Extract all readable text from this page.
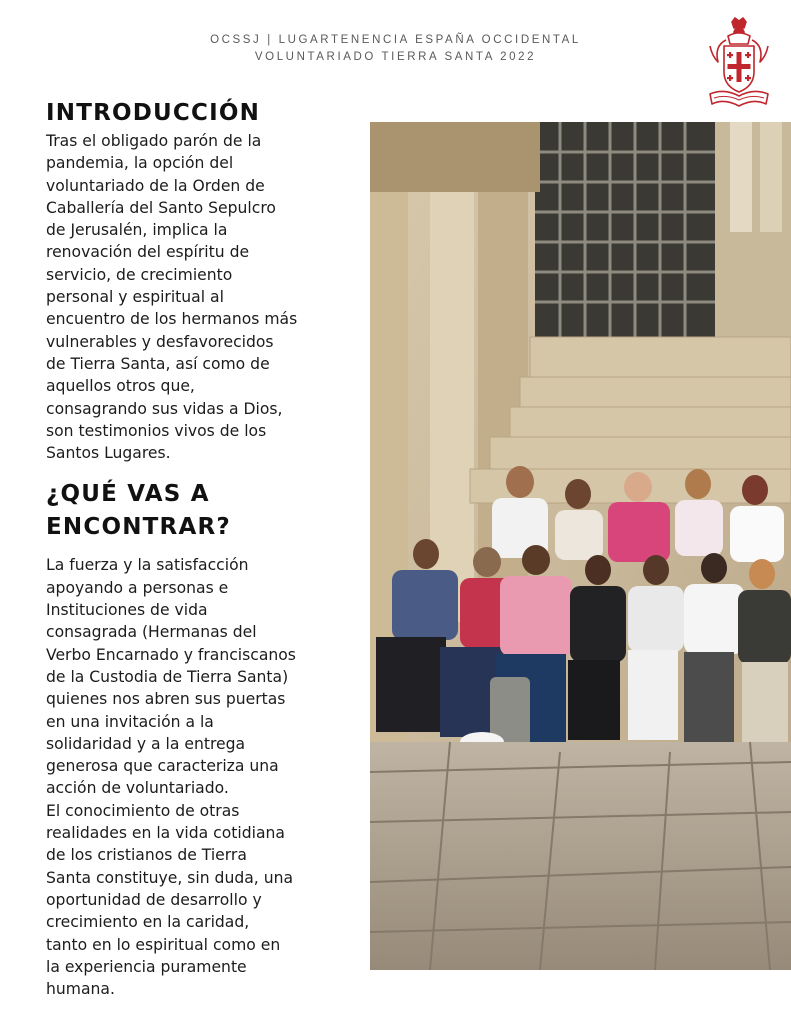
OCSSJ | LUGARTENENCIA ESPAÑA OCCIDENTAL
VOLUNTARIADO TIERRA SANTA 2022
INTRODUCCIÓN

Tras el obligado parón de la
pandemia, la opción del
voluntariado de la Orden de
Caballería del Santo Sepulcro
de Jerusalén, implica la
renovación del espíritu de
servicio, de crecimiento
personal y espiritual al
encuentro de los hermanos más
vulnerables y desfavorecidos
de Tierra Santa, así como de
aquellos otros que,
consagrando sus vidas a Dios,
son testimonios vivos de los
Santos Lugares.

¿QUÉ VAS A
ENCONTRAR?

La fuerza y la satisfacción
apoyando a personas e
Instituciones de vida
consagrada (Hermanas del
Verbo Encarnado y franciscanos
de la Custodia de Tierra Santa)
quienes nos abren sus puertas
en una invitación a la
solidaridad y a la entrega
generosa que caracteriza una
acción de voluntariado.
El conocimiento de otras
realidades en la vida cotidiana
de los cristianos de Tierra
Santa constituye, sin duda, una
oportunidad de desarrollo y
crecimiento en la caridad,
tanto en lo espiritual como en
la experiencia puramente
humana.
